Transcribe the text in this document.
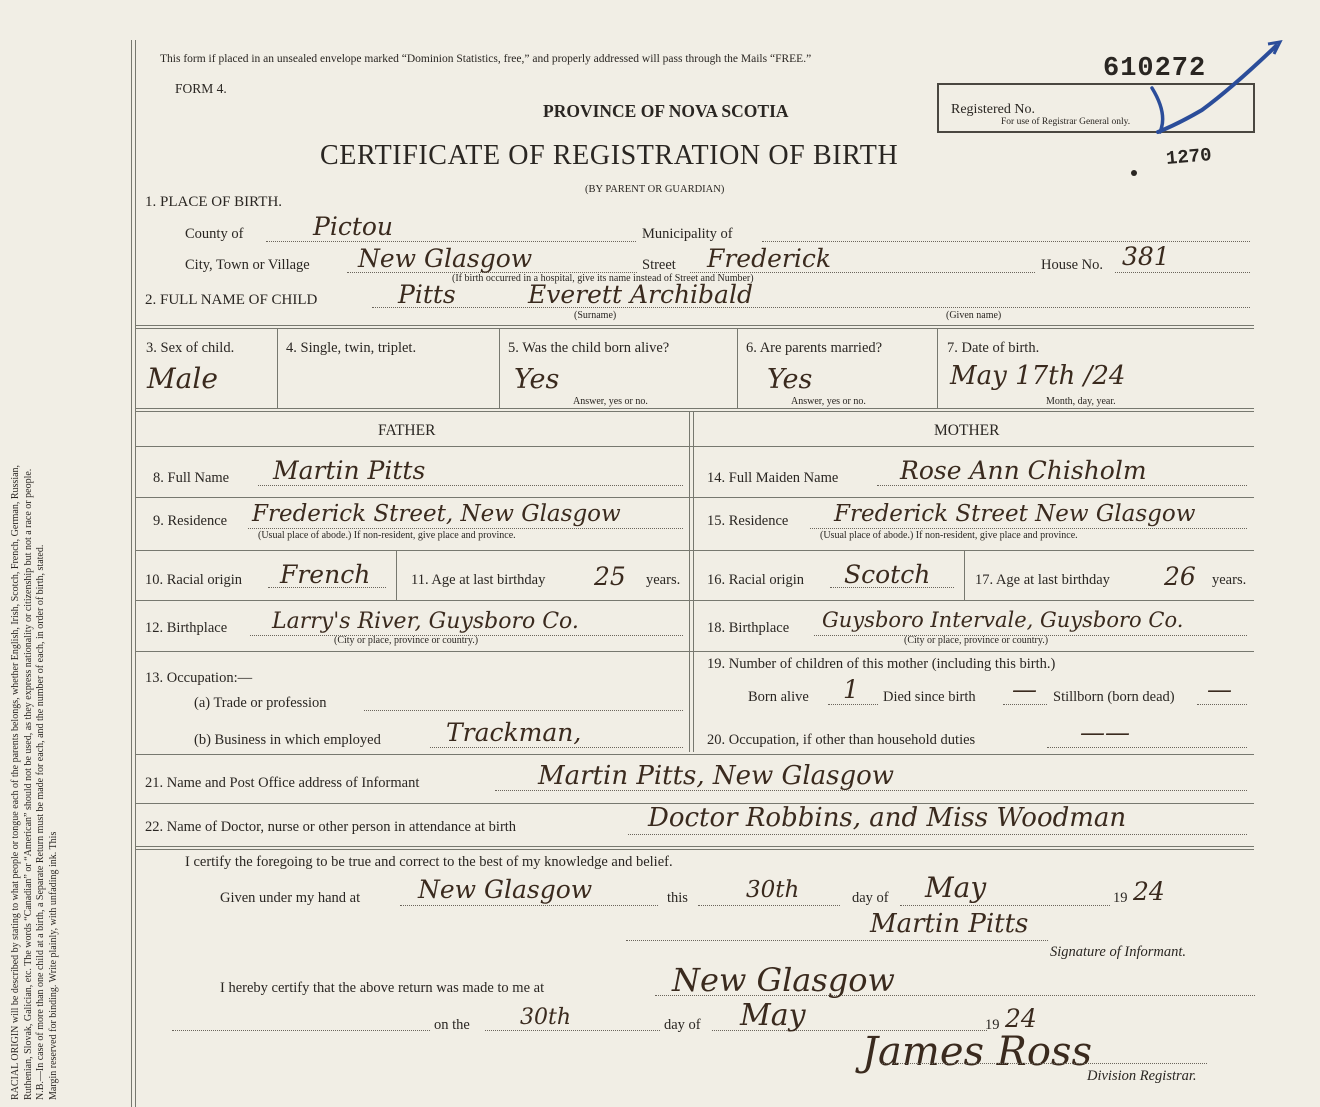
RACIAL ORIGIN will be described by stating to what people or tongue each of the parents belongs, whether English, Irish, Scotch, French, German, Russian, Ruthenian, Slovak, Galician, etc. The words “Canadian” or “American” should not be used, as they express nationality or citizenship but not a race or people. N.B.—In case of more than one child at a birth, a Separate Return must be made for each, and the number of each, in order of birth, stated. Margin reserved for binding. Write plainly, with unfading ink. This
This form if placed in an unsealed envelope marked “Dominion Statistics, free,” and properly addressed will pass through the Mails “FREE.”
FORM 4.
610272
PROVINCE OF NOVA SCOTIA
CERTIFICATE OF REGISTRATION OF BIRTH
(BY PARENT OR GUARDIAN)
Registered No.
For use of Registrar General only.
1270
1. PLACE OF BIRTH.
County of	Pictou	Municipality of
City, Town or Village New Glasgow	Street Frederick	House No. 381
(If birth occurred in a hospital, give its name instead of Street and Number)
2. FULL NAME OF CHILD	Pitts	Everett Archibald
(Surname)	(Given name)
3. Sex of child.
Male
4. Single, twin, triplet.	5. Was the child born alive?
Yes
Answer, yes or no.
6. Are parents married?
Yes
Answer, yes or no.
7. Date of birth.
May 17th /24
Month, day, year.
FATHER	MOTHER
8. Full Name Martin Pitts
9. Residence Frederick Street, New Glasgow
(Usual place of abode.) If non-resident, give place and province.
10. Racial origin French	11. Age at last birthday 25 years.
12. Birthplace Larry's River, Guysboro Co.
(City or place, province or country.)
13. Occupation:—
(a) Trade or profession
(b) Business in which employed	Trackman,
14. Full Maiden Name Rose Ann Chisholm
15. Residence Frederick Street New Glasgow
(Usual place of abode.) If non-resident, give place and province.
16. Racial origin Scotch	17. Age at last birthday 26 years.
18. Birthplace Guysboro Intervale, Guysboro Co.
(City or place, province or country.)
19. Number of children of this mother (including this birth.)
Born alive 1 Died since birth — Stillborn (born dead) —
20. Occupation, if other than household duties	——
21. Name and Post Office address of Informant	Martin Pitts, New Glasgow
22. Name of Doctor, nurse or other person in attendance at birth	Doctor Robbins, and Miss Woodman
I certify the foregoing to be true and correct to the best of my knowledge and belief.
Given under my hand at New Glasgow	this	30th	day of May	19 24
Martin Pitts
Signature of Informant.
I hereby certify that the above return was made to me at	New Glasgow
on the 30th	day of May	19 24
James Ross
Division Registrar.
